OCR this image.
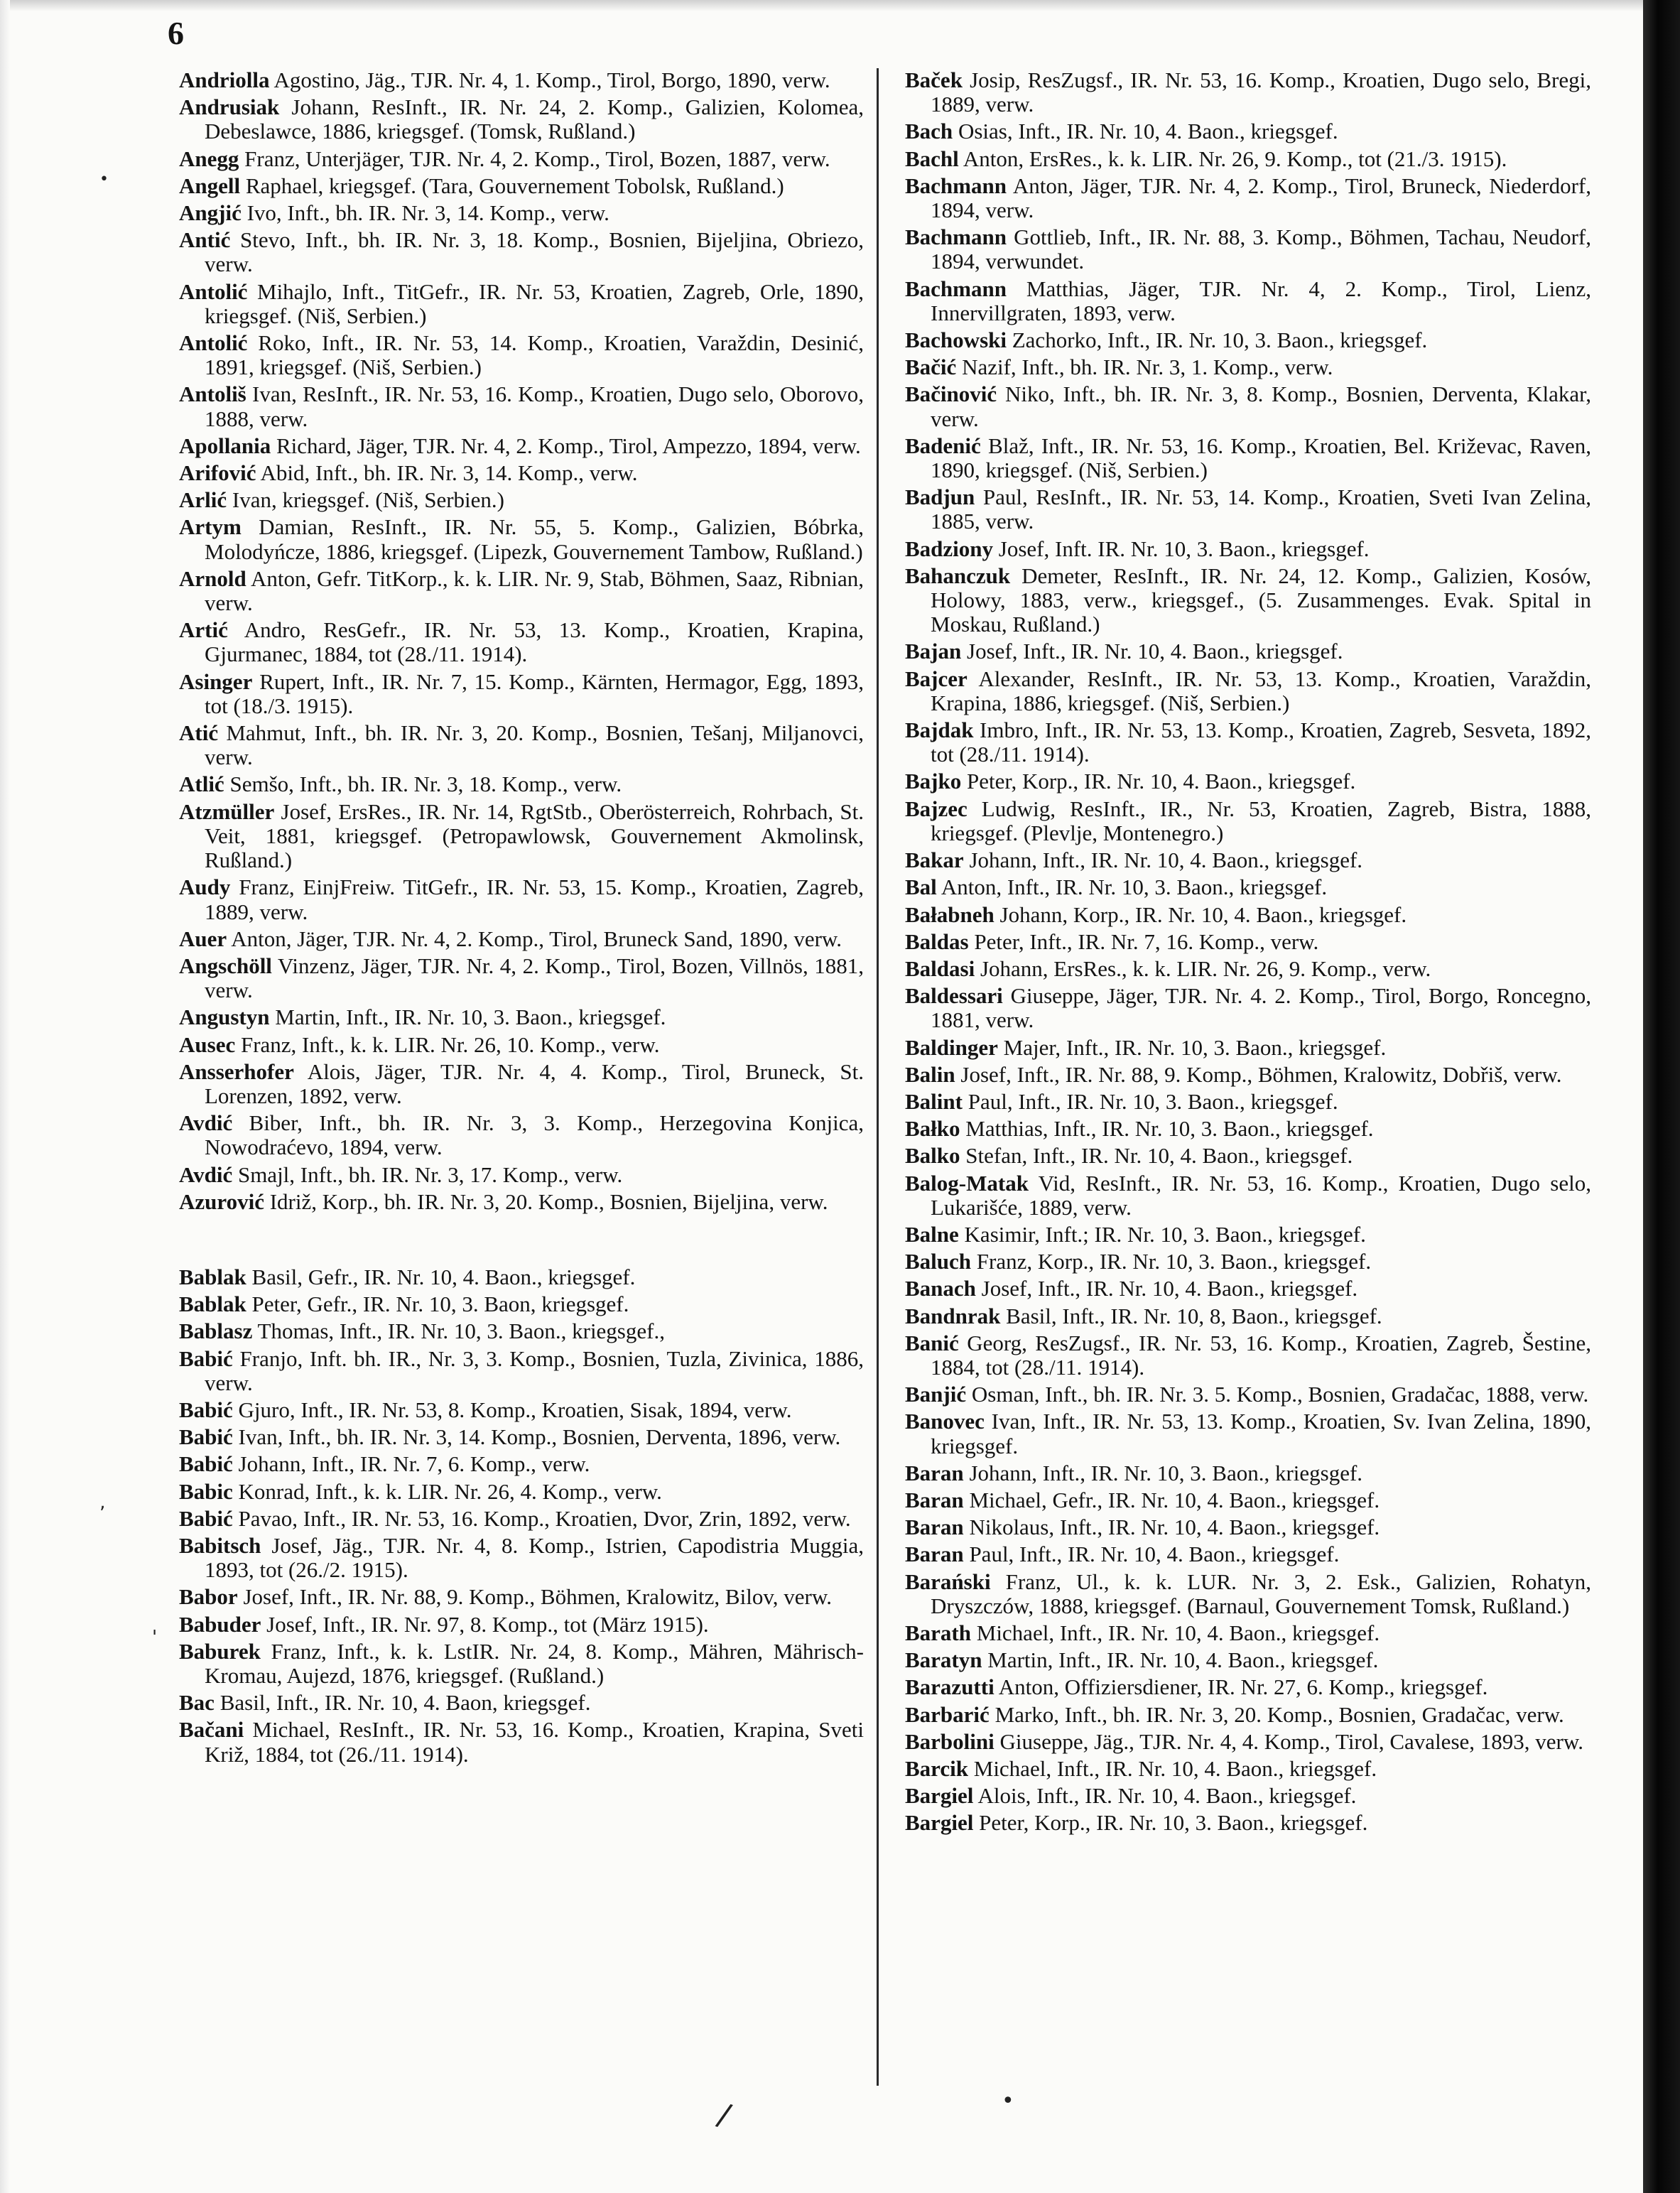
6
Andriolla Agostino, Jäg., TJR. Nr. 4, 1. Komp., Tirol, Borgo, 1890, verw.
Andrusiak Johann, ResInft., IR. Nr. 24, 2. Komp., Galizien, Kolomea, Debeslawce, 1886, kriegsgef. (Tomsk, Rußland.)
Anegg Franz, Unterjäger, TJR. Nr. 4, 2. Komp., Tirol, Bozen, 1887, verw.
Angell Raphael, kriegsgef. (Tara, Gouvernement Tobolsk, Rußland.)
Angjić Ivo, Inft., bh. IR. Nr. 3, 14. Komp., verw.
Antić Stevo, Inft., bh. IR. Nr. 3, 18. Komp., Bosnien, Bijeljina, Obriezo, verw.
Antolić Mihajlo, Inft., TitGefr., IR. Nr. 53, Kroatien, Zagreb, Orle, 1890, kriegsgef. (Niš, Serbien.)
Antolić Roko, Inft., IR. Nr. 53, 14. Komp., Kroatien, Varaždin, Desinić, 1891, kriegsgef. (Niš, Serbien.)
Antoliš Ivan, ResInft., IR. Nr. 53, 16. Komp., Kroatien, Dugo selo, Oborovo, 1888, verw.
Apollania Richard, Jäger, TJR. Nr. 4, 2. Komp., Tirol, Ampezzo, 1894, verw.
Arifović Abid, Inft., bh. IR. Nr. 3, 14. Komp., verw.
Arlić Ivan, kriegsgef. (Niš, Serbien.)
Artym Damian, ResInft., IR. Nr. 55, 5. Komp., Galizien, Bóbrka, Molodyńcze, 1886, kriegsgef. (Lipezk, Gouvernement Tambow, Rußland.)
Arnold Anton, Gefr. TitKorp., k. k. LIR. Nr. 9, Stab, Böhmen, Saaz, Ribnian, verw.
Artić Andro, ResGefr., IR. Nr. 53, 13. Komp., Kroatien, Krapina, Gjurmanec, 1884, tot (28./11. 1914).
Asinger Rupert, Inft., IR. Nr. 7, 15. Komp., Kärnten, Hermagor, Egg, 1893, tot (18./3. 1915).
Atić Mahmut, Inft., bh. IR. Nr. 3, 20. Komp., Bosnien, Tešanj, Miljanovci, verw.
Atlić Semšo, Inft., bh. IR. Nr. 3, 18. Komp., verw.
Atzmüller Josef, ErsRes., IR. Nr. 14, RgtStb., Oberösterreich, Rohrbach, St. Veit, 1881, kriegsgef. (Petropawlowsk, Gouvernement Akmolinsk, Rußland.)
Audy Franz, EinjFreiw. TitGefr., IR. Nr. 53, 15. Komp., Kroatien, Zagreb, 1889, verw.
Auer Anton, Jäger, TJR. Nr. 4, 2. Komp., Tirol, Bruneck Sand, 1890, verw.
Angschöll Vinzenz, Jäger, TJR. Nr. 4, 2. Komp., Tirol, Bozen, Villnös, 1881, verw.
Angustyn Martin, Inft., IR. Nr. 10, 3. Baon., kriegsgef.
Ausec Franz, Inft., k. k. LIR. Nr. 26, 10. Komp., verw.
Ansserhofer Alois, Jäger, TJR. Nr. 4, 4. Komp., Tirol, Bruneck, St. Lorenzen, 1892, verw.
Avdić Biber, Inft., bh. IR. Nr. 3, 3. Komp., Herzegovina Konjica, Nowodraćevo, 1894, verw.
Avdić Smajl, Inft., bh. IR. Nr. 3, 17. Komp., verw.
Azurović Idriž, Korp., bh. IR. Nr. 3, 20. Komp., Bosnien, Bijeljina, verw.
Bablak Basil, Gefr., IR. Nr. 10, 4. Baon., kriegsgef.
Bablak Peter, Gefr., IR. Nr. 10, 3. Baon, kriegsgef.
Bablasz Thomas, Inft., IR. Nr. 10, 3. Baon., kriegsgef.,
Babić Franjo, Inft. bh. IR., Nr. 3, 3. Komp., Bosnien, Tuzla, Zivinica, 1886, verw.
Babić Gjuro, Inft., IR. Nr. 53, 8. Komp., Kroatien, Sisak, 1894, verw.
Babić Ivan, Inft., bh. IR. Nr. 3, 14. Komp., Bosnien, Derventa, 1896, verw.
Babić Johann, Inft., IR. Nr. 7, 6. Komp., verw.
Babic Konrad, Inft., k. k. LIR. Nr. 26, 4. Komp., verw.
Babić Pavao, Inft., IR. Nr. 53, 16. Komp., Kroatien, Dvor, Zrin, 1892, verw.
Babitsch Josef, Jäg., TJR. Nr. 4, 8. Komp., Istrien, Capodistria Muggia, 1893, tot (26./2. 1915).
Babor Josef, Inft., IR. Nr. 88, 9. Komp., Böhmen, Kralowitz, Bilov, verw.
Babuder Josef, Inft., IR. Nr. 97, 8. Komp., tot (März 1915).
Baburek Franz, Inft., k. k. LstIR. Nr. 24, 8. Komp., Mähren, Mährisch-Kromau, Aujezd, 1876, kriegsgef. (Rußland.)
Bac Basil, Inft., IR. Nr. 10, 4. Baon, kriegsgef.
Bačani Michael, ResInft., IR. Nr. 53, 16. Komp., Kroatien, Krapina, Sveti Križ, 1884, tot (26./11. 1914).
Baček Josip, ResZugsf., IR. Nr. 53, 16. Komp., Kroatien, Dugo selo, Bregi, 1889, verw.
Bach Osias, Inft., IR. Nr. 10, 4. Baon., kriegsgef.
Bachl Anton, ErsRes., k. k. LIR. Nr. 26, 9. Komp., tot (21./3. 1915).
Bachmann Anton, Jäger, TJR. Nr. 4, 2. Komp., Tirol, Bruneck, Niederdorf, 1894, verw.
Bachmann Gottlieb, Inft., IR. Nr. 88, 3. Komp., Böhmen, Tachau, Neudorf, 1894, verwundet.
Bachmann Matthias, Jäger, TJR. Nr. 4, 2. Komp., Tirol, Lienz, Innervillgraten, 1893, verw.
Bachowski Zachorko, Inft., IR. Nr. 10, 3. Baon., kriegsgef.
Bačić Nazif, Inft., bh. IR. Nr. 3, 1. Komp., verw.
Bačinović Niko, Inft., bh. IR. Nr. 3, 8. Komp., Bosnien, Derventa, Klakar, verw.
Badenić Blaž, Inft., IR. Nr. 53, 16. Komp., Kroatien, Bel. Križevac, Raven, 1890, kriegsgef. (Niš, Serbien.)
Badjun Paul, ResInft., IR. Nr. 53, 14. Komp., Kroatien, Sveti Ivan Zelina, 1885, verw.
Badziony Josef, Inft. IR. Nr. 10, 3. Baon., kriegsgef.
Bahanczuk Demeter, ResInft., IR. Nr. 24, 12. Komp., Galizien, Kosów, Holowy, 1883, verw., kriegsgef., (5. Zusammenges. Evak. Spital in Moskau, Rußland.)
Bajan Josef, Inft., IR. Nr. 10, 4. Baon., kriegsgef.
Bajcer Alexander, ResInft., IR. Nr. 53, 13. Komp., Kroatien, Varaždin, Krapina, 1886, kriegsgef. (Niš, Serbien.)
Bajdak Imbro, Inft., IR. Nr. 53, 13. Komp., Kroatien, Zagreb, Sesveta, 1892, tot (28./11. 1914).
Bajko Peter, Korp., IR. Nr. 10, 4. Baon., kriegsgef.
Bajzec Ludwig, ResInft., IR., Nr. 53, Kroatien, Zagreb, Bistra, 1888, kriegsgef. (Plevlje, Montenegro.)
Bakar Johann, Inft., IR. Nr. 10, 4. Baon., kriegsgef.
Bal Anton, Inft., IR. Nr. 10, 3. Baon., kriegsgef.
Bałabneh Johann, Korp., IR. Nr. 10, 4. Baon., kriegsgef.
Baldas Peter, Inft., IR. Nr. 7, 16. Komp., verw.
Baldasi Johann, ErsRes., k. k. LIR. Nr. 26, 9. Komp., verw.
Baldessari Giuseppe, Jäger, TJR. Nr. 4. 2. Komp., Tirol, Borgo, Roncegno, 1881, verw.
Baldinger Majer, Inft., IR. Nr. 10, 3. Baon., kriegsgef.
Balin Josef, Inft., IR. Nr. 88, 9. Komp., Böhmen, Kralowitz, Dobřiš, verw.
Balint Paul, Inft., IR. Nr. 10, 3. Baon., kriegsgef.
Bałko Matthias, Inft., IR. Nr. 10, 3. Baon., kriegsgef.
Balko Stefan, Inft., IR. Nr. 10, 4. Baon., kriegsgef.
Balog-Matak Vid, ResInft., IR. Nr. 53, 16. Komp., Kroatien, Dugo selo, Lukarišće, 1889, verw.
Balne Kasimir, Inft.; IR. Nr. 10, 3. Baon., kriegsgef.
Baluch Franz, Korp., IR. Nr. 10, 3. Baon., kriegsgef.
Banach Josef, Inft., IR. Nr. 10, 4. Baon., kriegsgef.
Bandnrak Basil, Inft., IR. Nr. 10, 8, Baon., kriegsgef.
Banić Georg, ResZugsf., IR. Nr. 53, 16. Komp., Kroatien, Zagreb, Šestine, 1884, tot (28./11. 1914).
Banjić Osman, Inft., bh. IR. Nr. 3. 5. Komp., Bosnien, Gradačac, 1888, verw.
Banovec Ivan, Inft., IR. Nr. 53, 13. Komp., Kroatien, Sv. Ivan Zelina, 1890, kriegsgef.
Baran Johann, Inft., IR. Nr. 10, 3. Baon., kriegsgef.
Baran Michael, Gefr., IR. Nr. 10, 4. Baon., kriegsgef.
Baran Nikolaus, Inft., IR. Nr. 10, 4. Baon., kriegsgef.
Baran Paul, Inft., IR. Nr. 10, 4. Baon., kriegsgef.
Barański Franz, Ul., k. k. LUR. Nr. 3, 2. Esk., Galizien, Rohatyn, Dryszczów, 1888, kriegsgef. (Barnaul, Gouvernement Tomsk, Rußland.)
Barath Michael, Inft., IR. Nr. 10, 4. Baon., kriegsgef.
Baratyn Martin, Inft., IR. Nr. 10, 4. Baon., kriegsgef.
Barazutti Anton, Offiziersdiener, IR. Nr. 27, 6. Komp., kriegsgef.
Barbarić Marko, Inft., bh. IR. Nr. 3, 20. Komp., Bosnien, Gradačac, verw.
Barbolini Giuseppe, Jäg., TJR. Nr. 4, 4. Komp., Tirol, Cavalese, 1893, verw.
Barcik Michael, Inft., IR. Nr. 10, 4. Baon., kriegsgef.
Bargiel Alois, Inft., IR. Nr. 10, 4. Baon., kriegsgef.
Bargiel Peter, Korp., IR. Nr. 10, 3. Baon., kriegsgef.
•
‚
'
/	•
